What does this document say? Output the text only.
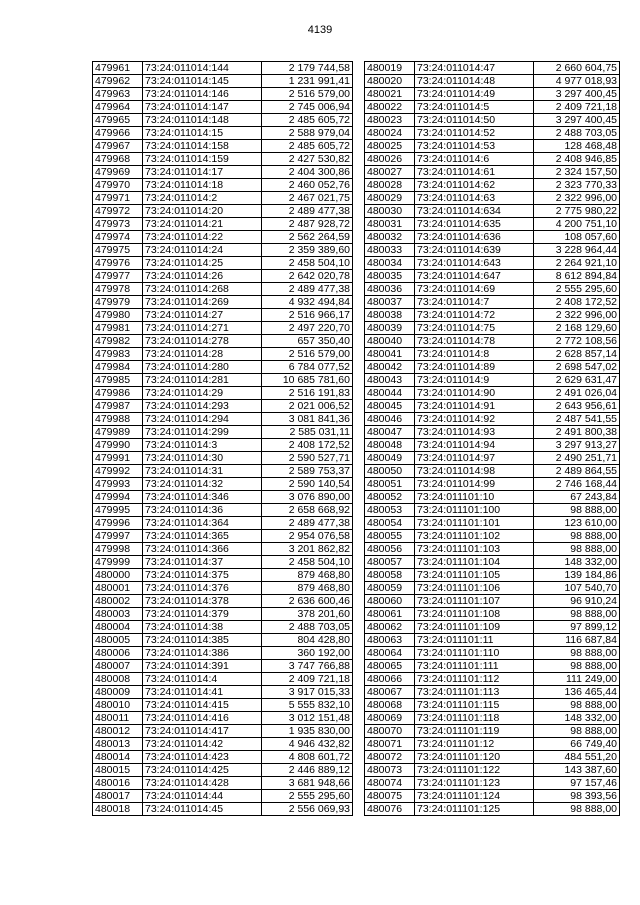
4139
479961	73:24:011014:144	2 179 744,58
479962	73:24:011014:145	1 231 991,41
479963	73:24:011014:146	2 516 579,00
479964	73:24:011014:147	2 745 006,94
479965	73:24:011014:148	2 485 605,72
479966	73:24:011014:15	2 588 979,04
479967	73:24:011014:158	2 485 605,72
479968	73:24:011014:159	2 427 530,82
479969	73:24:011014:17	2 404 300,86
479970	73:24:011014:18	2 460 052,76
479971	73:24:011014:2	2 467 021,75
479972	73:24:011014:20	2 489 477,38
479973	73:24:011014:21	2 487 928,72
479974	73:24:011014:22	2 562 264,59
479975	73:24:011014:24	2 359 389,60
479976	73:24:011014:25	2 458 504,10
479977	73:24:011014:26	2 642 020,78
479978	73:24:011014:268	2 489 477,38
479979	73:24:011014:269	4 932 494,84
479980	73:24:011014:27	2 516 966,17
479981	73:24:011014:271	2 497 220,70
479982	73:24:011014:278	657 350,40
479983	73:24:011014:28	2 516 579,00
479984	73:24:011014:280	6 784 077,52
479985	73:24:011014:281	10 685 781,60
479986	73:24:011014:29	2 516 191,83
479987	73:24:011014:293	2 021 006,52
479988	73:24:011014:294	3 081 841,36
479989	73:24:011014:299	2 585 031,11
479990	73:24:011014:3	2 408 172,52
479991	73:24:011014:30	2 590 527,71
479992	73:24:011014:31	2 589 753,37
479993	73:24:011014:32	2 590 140,54
479994	73:24:011014:346	3 076 890,00
479995	73:24:011014:36	2 658 668,92
479996	73:24:011014:364	2 489 477,38
479997	73:24:011014:365	2 954 076,58
479998	73:24:011014:366	3 201 862,82
479999	73:24:011014:37	2 458 504,10
480000	73:24:011014:375	879 468,80
480001	73:24:011014:376	879 468,80
480002	73:24:011014:378	2 636 600,46
480003	73:24:011014:379	378 201,60
480004	73:24:011014:38	2 488 703,05
480005	73:24:011014:385	804 428,80
480006	73:24:011014:386	360 192,00
480007	73:24:011014:391	3 747 766,88
480008	73:24:011014:4	2 409 721,18
480009	73:24:011014:41	3 917 015,33
480010	73:24:011014:415	5 555 832,10
480011	73:24:011014:416	3 012 151,48
480012	73:24:011014:417	1 935 830,00
480013	73:24:011014:42	4 946 432,82
480014	73:24:011014:423	4 808 601,72
480015	73:24:011014:425	2 446 889,12
480016	73:24:011014:428	3 681 948,66
480017	73:24:011014:44	2 555 295,60
480018	73:24:011014:45	2 556 069,93
480019	73:24:011014:47	2 660 604,75
480020	73:24:011014:48	4 977 018,93
480021	73:24:011014:49	3 297 400,45
480022	73:24:011014:5	2 409 721,18
480023	73:24:011014:50	3 297 400,45
480024	73:24:011014:52	2 488 703,05
480025	73:24:011014:53	128 468,48
480026	73:24:011014:6	2 408 946,85
480027	73:24:011014:61	2 324 157,50
480028	73:24:011014:62	2 323 770,33
480029	73:24:011014:63	2 322 996,00
480030	73:24:011014:634	2 775 980,22
480031	73:24:011014:635	4 200 751,10
480032	73:24:011014:636	108 057,60
480033	73:24:011014:639	3 228 964,44
480034	73:24:011014:643	2 264 921,10
480035	73:24:011014:647	8 612 894,84
480036	73:24:011014:69	2 555 295,60
480037	73:24:011014:7	2 408 172,52
480038	73:24:011014:72	2 322 996,00
480039	73:24:011014:75	2 168 129,60
480040	73:24:011014:78	2 772 108,56
480041	73:24:011014:8	2 628 857,14
480042	73:24:011014:89	2 698 547,02
480043	73:24:011014:9	2 629 631,47
480044	73:24:011014:90	2 491 026,04
480045	73:24:011014:91	2 643 956,61
480046	73:24:011014:92	2 487 541,55
480047	73:24:011014:93	2 491 800,38
480048	73:24:011014:94	3 297 913,27
480049	73:24:011014:97	2 490 251,71
480050	73:24:011014:98	2 489 864,55
480051	73:24:011014:99	2 746 168,44
480052	73:24:011101:10	67 243,84
480053	73:24:011101:100	98 888,00
480054	73:24:011101:101	123 610,00
480055	73:24:011101:102	98 888,00
480056	73:24:011101:103	98 888,00
480057	73:24:011101:104	148 332,00
480058	73:24:011101:105	139 184,86
480059	73:24:011101:106	107 540,70
480060	73:24:011101:107	96 910,24
480061	73:24:011101:108	98 888,00
480062	73:24:011101:109	97 899,12
480063	73:24:011101:11	116 687,84
480064	73:24:011101:110	98 888,00
480065	73:24:011101:111	98 888,00
480066	73:24:011101:112	111 249,00
480067	73:24:011101:113	136 465,44
480068	73:24:011101:115	98 888,00
480069	73:24:011101:118	148 332,00
480070	73:24:011101:119	98 888,00
480071	73:24:011101:12	66 749,40
480072	73:24:011101:120	484 551,20
480073	73:24:011101:122	143 387,60
480074	73:24:011101:123	97 157,46
480075	73:24:011101:124	98 393,56
480076	73:24:011101:125	98 888,00
